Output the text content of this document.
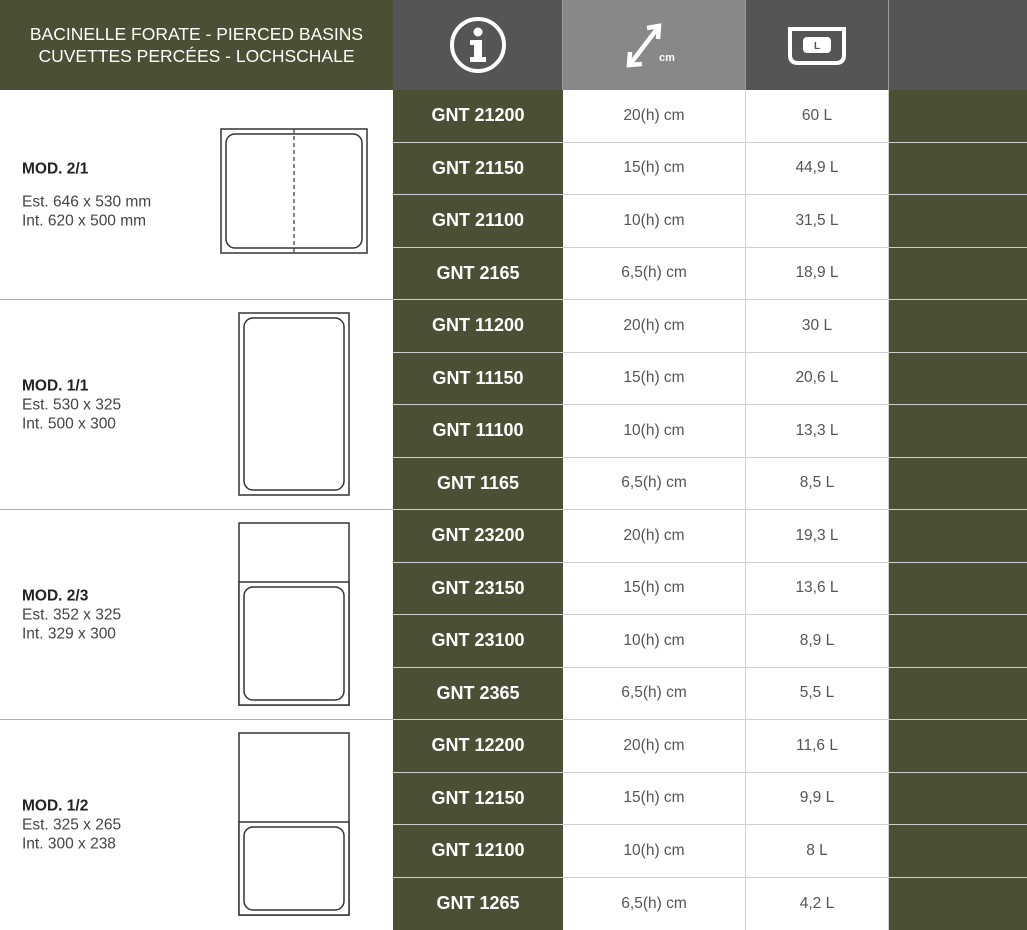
BACINELLE FORATE - PIERCED BASINS
CUVETTES PERCÉES - LOCHSCHALE	cm
L
MOD. 2/1
Est. 646 x 530 mm
Int. 620 x 500 mm
GNT 21200	20(h) cm	60 L
GNT 21150	15(h) cm	44,9 L
GNT 21100	10(h) cm	31,5 L
GNT 2165	6,5(h) cm	18,9 L
MOD. 1/1
Est. 530 x 325
Int. 500 x 300
GNT 11200	20(h) cm	30 L
GNT 11150	15(h) cm	20,6 L
GNT 11100	10(h) cm	13,3 L
GNT 1165	6,5(h) cm	8,5 L
MOD. 2/3
Est. 352 x 325
Int. 329 x 300
GNT 23200	20(h) cm	19,3 L
GNT 23150	15(h) cm	13,6 L
GNT 23100	10(h) cm	8,9 L
GNT 2365	6,5(h) cm	5,5 L
MOD. 1/2
Est. 325 x 265
Int. 300 x 238
GNT 12200	20(h) cm	11,6 L
GNT 12150	15(h) cm	9,9 L
GNT 12100	10(h) cm	8 L
GNT 1265	6,5(h) cm	4,2 L
